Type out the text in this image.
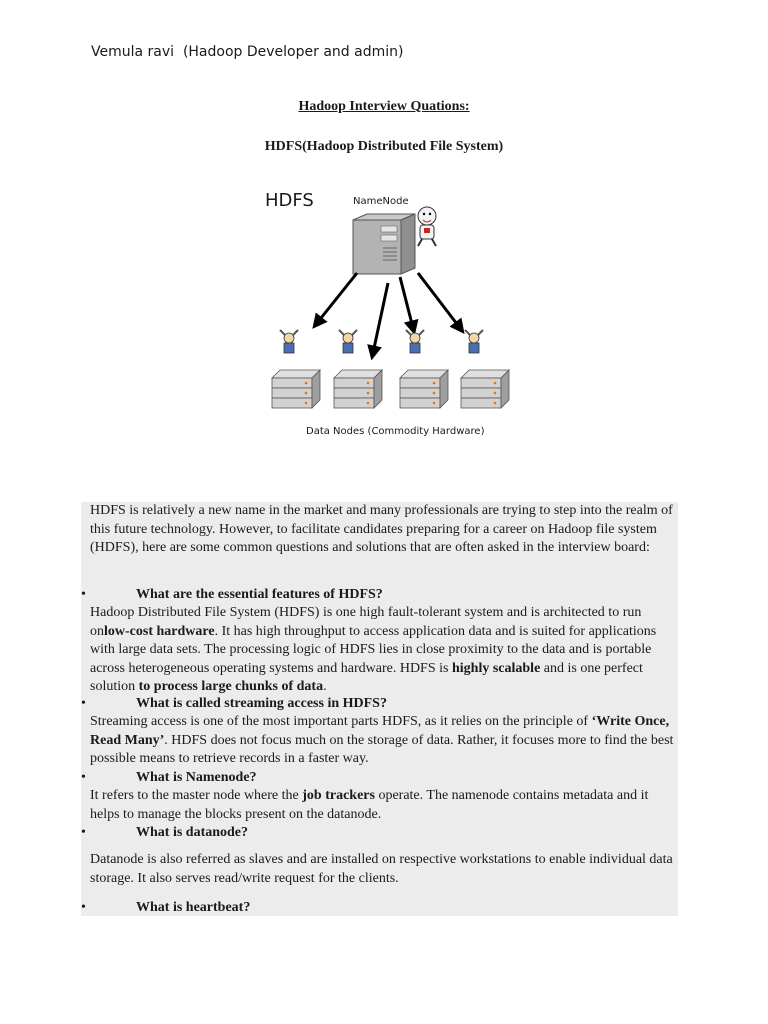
Vemula ravi  (Hadoop Developer and admin)
Hadoop Interview Quations:
HDFS(Hadoop Distributed File System)
HDFS	NameNode
Data Nodes (Commodity Hardware)

HDFS is relatively a new name in the market and many professionals are trying to step into the realm of this future technology. However, to facilitate candidates preparing for a career on Hadoop file system (HDFS), here are some common questions and solutions that are often asked in the interview board:

•	What are the essential features of HDFS?

Hadoop Distributed File System (HDFS) is one high fault-tolerant system and is architected to run onlow-cost hardware. It has high throughput to access application data and is suited for applications with large data sets. The processing logic of HDFS lies in close proximity to the data and is portable across heterogeneous operating systems and hardware. HDFS is highly scalable and is one perfect solution to process large chunks of data.

•	What is called streaming access in HDFS?

Streaming access is one of the most important parts HDFS, as it relies on the principle of ‘Write Once, Read Many’. HDFS does not focus much on the storage of data. Rather, it focuses more to find the best possible means to retrieve records in a faster way.

•	What is Namenode?

It refers to the master node where the job trackers operate. The namenode contains metadata and it helps to manage the blocks present on the datanode.

•	What is datanode?

Datanode is also referred as slaves and are installed on respective workstations to enable individual data storage. It also serves read/write request for the clients.

•	What is heartbeat?
